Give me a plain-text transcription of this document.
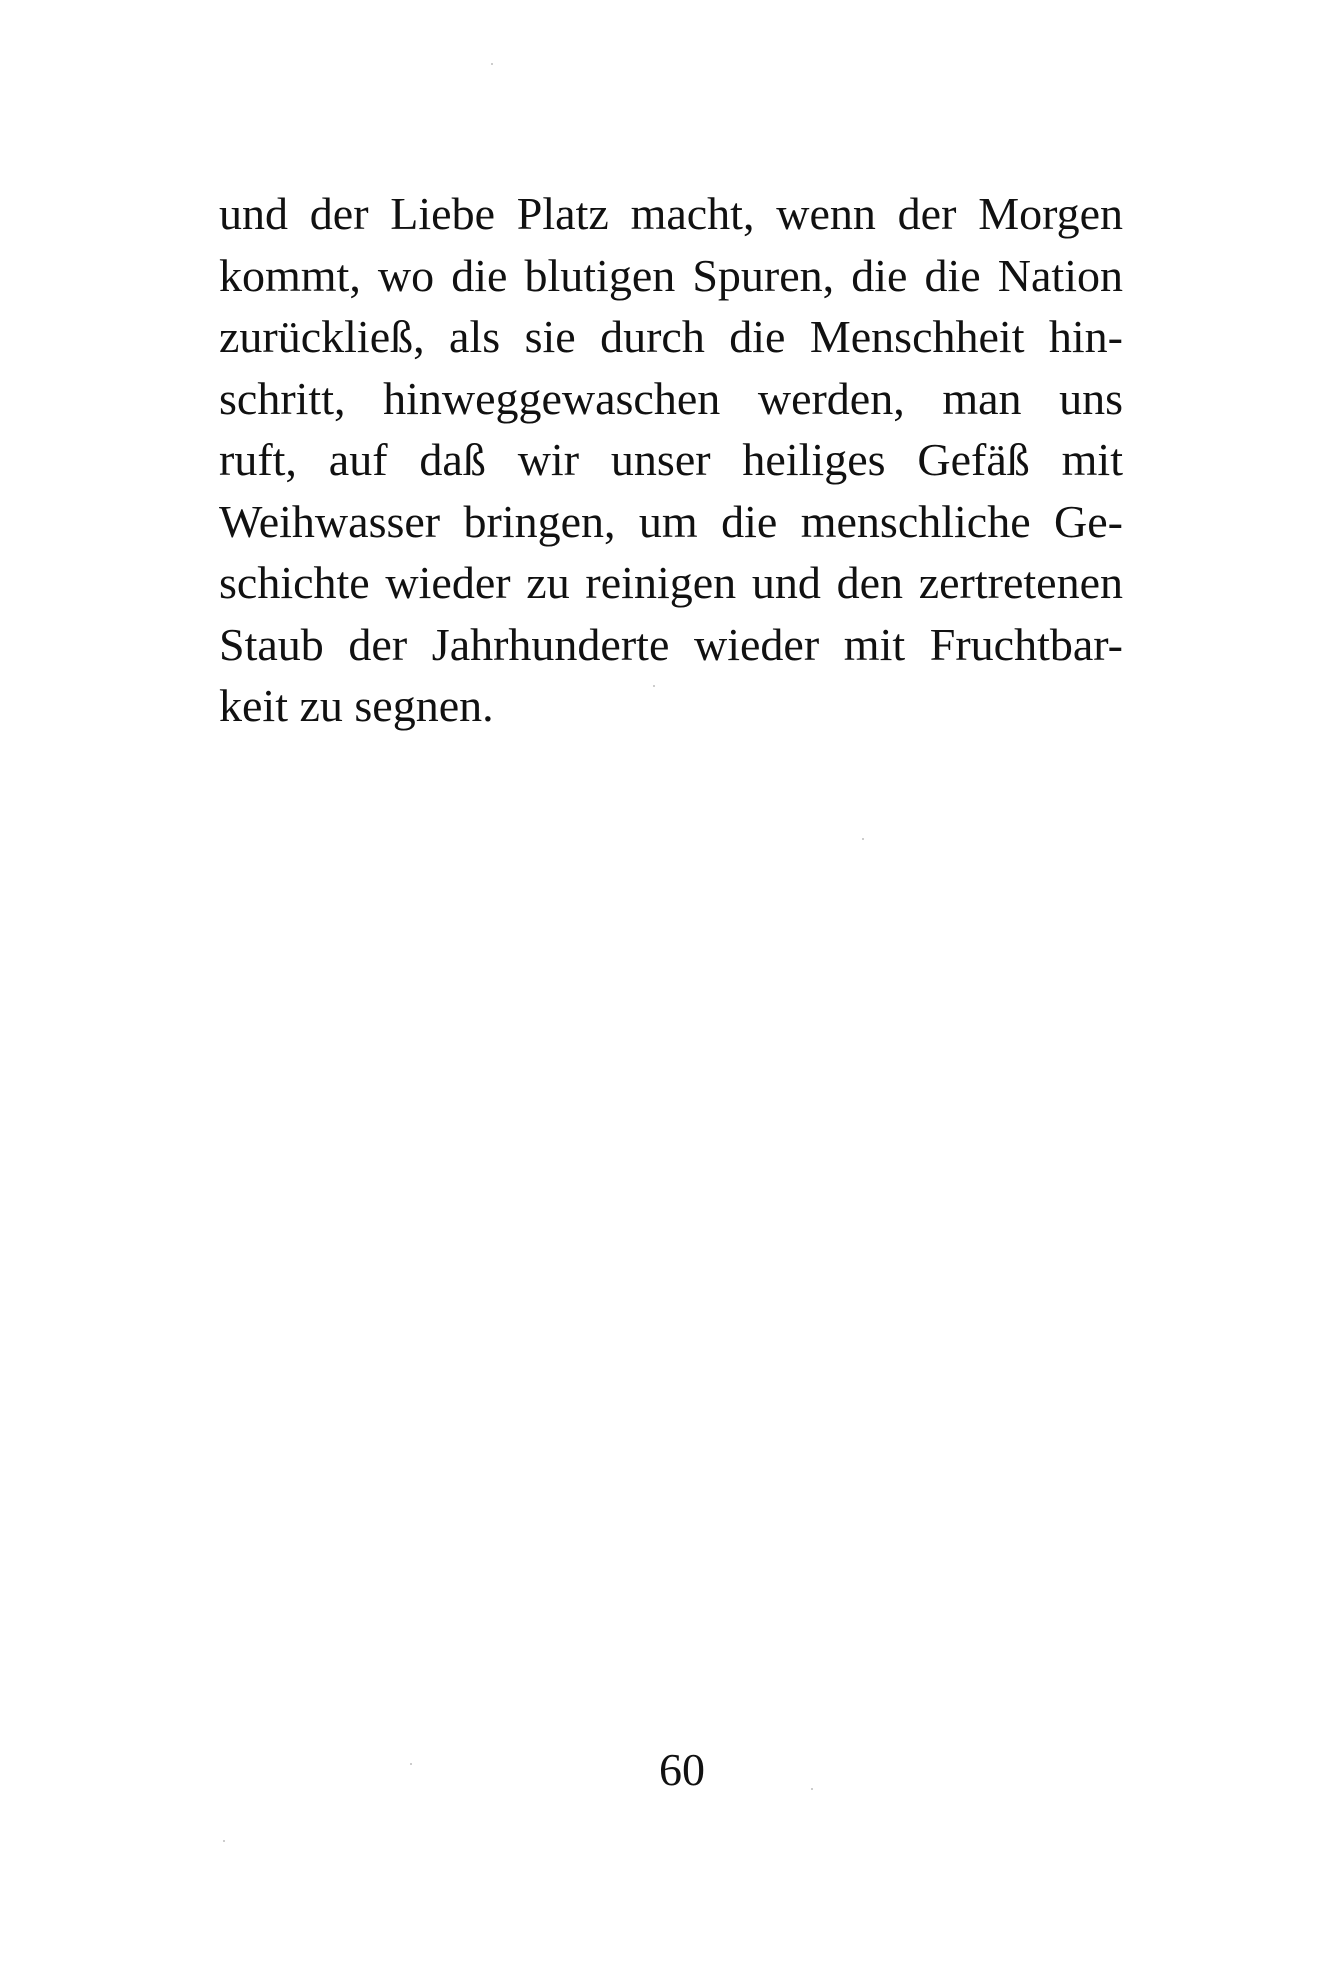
und der Liebe Platz macht, wenn der Morgen
kommt, wo die blutigen Spuren, die die Nation
zurückließ, als sie durch die Menschheit hin-
schritt, hinweggewaschen werden, man uns
ruft, auf daß wir unser heiliges Gefäß mit
Weihwasser bringen, um die menschliche Ge-
schichte wieder zu reinigen und den zertretenen
Staub der Jahrhunderte wieder mit Fruchtbar-
keit zu segnen.
60
